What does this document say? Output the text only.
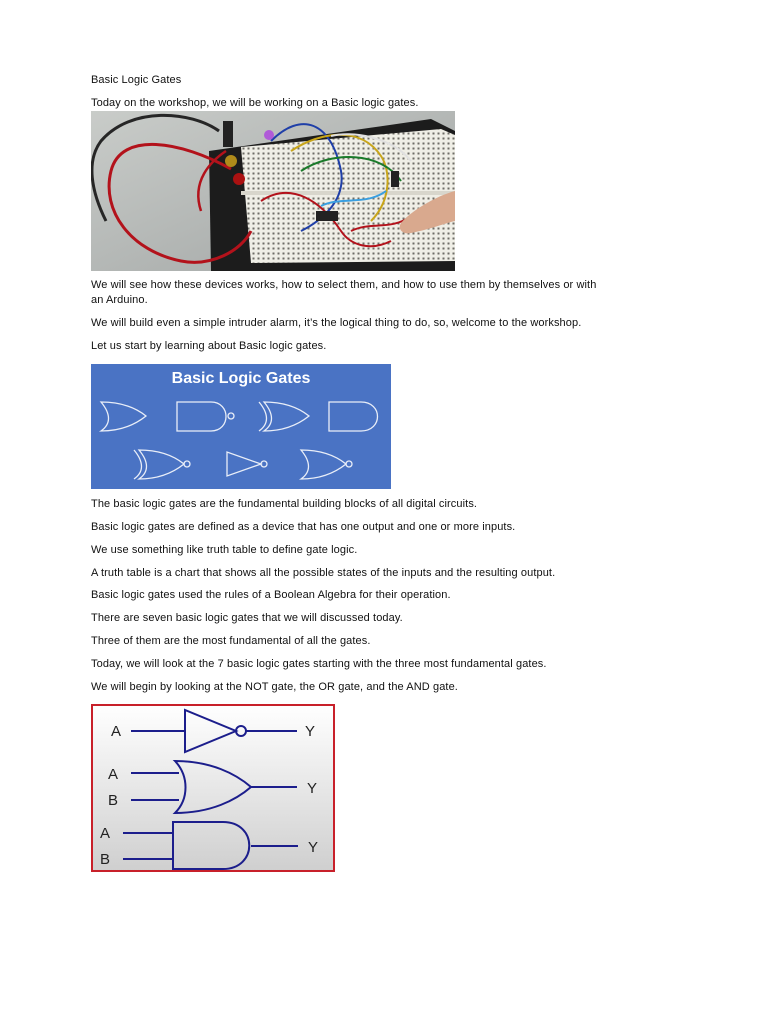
Basic Logic Gates
Today on the workshop, we will be working on a Basic logic gates.
We will see how these devices works, how to select them, and how to use them by themselves or with
an Arduino.
We will build even a simple intruder alarm, it’s the logical thing to do, so, welcome to the workshop.
Let us start by learning about Basic logic gates.
Basic Logic Gates
The basic logic gates are the fundamental building blocks of all digital circuits.
Basic logic gates are defined as a device that has one output and one or more inputs.
We use something like truth table to define gate logic.
A truth table is a chart that shows all the possible states of the inputs and the resulting output.
Basic logic gates used the rules of a Boolean Algebra for their operation.
There are seven basic logic gates that we will discussed today.
Three of them are the most fundamental of all the gates.
Today, we will look at the 7 basic logic gates starting with the three most fundamental gates.
We will begin by looking at the NOT gate, the OR gate, and the AND gate.
A	Y
A
B
Y
A
B
Y
